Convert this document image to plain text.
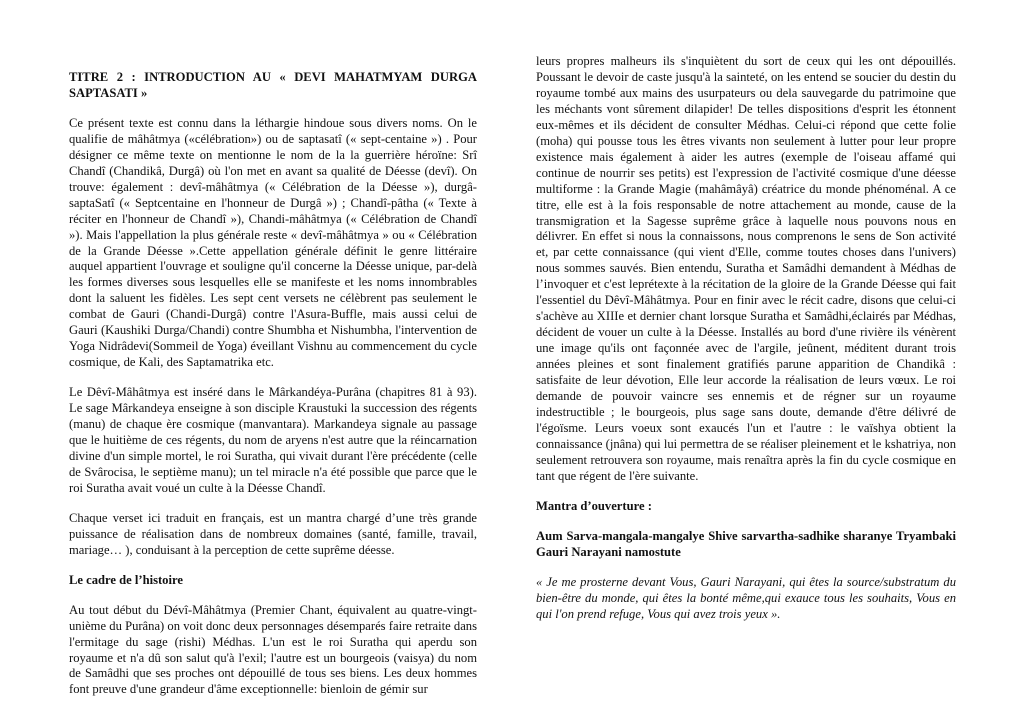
TITRE 2 : INTRODUCTION AU « DEVI MAHATMYAM DURGA SAPTASATI »

Ce présent texte est connu dans la léthargie hindoue sous divers noms. On le qualifie de mâhâtmya («célébration») ou de saptasatî (« sept-centaine ») . Pour désigner ce même texte on mentionne le nom de la la guerrière héroïne: Srî Chandî (Chandikâ, Durgâ) où l'on met en avant sa qualité de Déesse (devî). On trouve: également : devî-mâhâtmya (« Célébration de la Déesse »), durgâ-saptaSatî (« Septcentaine en l'honneur de Durgâ ») ; Chandî-pâtha (« Texte à réciter en l'honneur de Chandî »), Chandi-mâhâtmya (« Célébration de Chandî »). Mais l'appellation la plus générale reste « devî-mâhâtmya » ou « Célébration de la Grande Déesse ».Cette appellation générale définit le genre littéraire auquel appartient l'ouvrage et souligne qu'il concerne la Déesse unique, par-delà les formes diverses sous lesquelles elle se manifeste et les noms innombrables dont la saluent les fidèles. Les sept cent versets ne célèbrent pas seulement le combat de Gauri (Chandi-Durgâ) contre l'Asura-Buffle, mais aussi celui de Gauri (Kaushiki Durga/Chandi) contre Shumbha et Nishumbha, l'intervention de Yoga Nidrâdevi(Sommeil de Yoga) éveillant Vishnu au commencement du cycle cosmique, de Kali, des Saptamatrika etc.

Le Dêvî-Mâhâtmya est inséré dans le Mârkandéya-Purâna (chapitres 81 à 93). Le sage Mârkandeya enseigne à son disciple Kraustuki la succession des régents (manu) de chaque ère cosmique (manvantara). Markandeya signale au passage que le huitième de ces régents, du nom de aryens n'est autre que la réincarnation divine d'un simple mortel, le roi Suratha, qui vivait durant l'ère précédente (celle de Svârocisa, le septième manu); un tel miracle n'a été possible que parce que le roi Suratha avait voué un culte à la Déesse Chandî.

Chaque verset ici traduit en français, est un mantra chargé d’une très grande puissance de réalisation dans de nombreux domaines (santé, famille, travail, mariage… ), conduisant à la perception de cette suprême déesse.

Le cadre de l’histoire

Au tout début du Dévî-Mâhâtmya (Premier Chant, équivalent au quatre-vingt-unième du Purâna) on voit donc deux personnages désemparés faire retraite dans l'ermitage du sage (rishi) Médhas. L'un est le roi Suratha qui aperdu son royaume et n'a dû son salut qu'à l'exil; l'autre est un bourgeois (vaisya) du nom de Samâdhi que ses proches ont dépouillé de tous ses biens. Les deux hommes font preuve d'une grandeur d'âme exceptionnelle: bienloin de gémir sur

leurs propres malheurs ils s'inquiètent du sort de ceux qui les ont dépouillés. Poussant le devoir de caste jusqu'à la sainteté, on les entend se soucier du destin du royaume tombé aux mains des usurpateurs ou dela sauvegarde du patrimoine que les méchants vont sûrement dilapider! De telles dispositions d'esprit les étonnent eux-mêmes et ils décident de consulter Médhas. Celui-ci répond que cette folie (moha) qui pousse tous les êtres vivants non seulement à lutter pour leur propre existence mais également à aider les autres (exemple de l'oiseau affamé qui continue de nourrir ses petits) est l'expression de l'activité cosmique d'une déesse multiforme : la Grande Magie (mahâmâyâ) créatrice du monde phénoménal. A ce titre, elle est à la fois responsable de notre attachement au monde, cause de la transmigration et la Sagesse suprême grâce à laquelle nous pouvons nous en délivrer. En effet si nous la connaissons, nous comprenons le sens de Son activité et, par cette connaissance (qui vient d'Elle, comme toutes choses dans l'univers) nous sommes sauvés. Bien entendu, Suratha et Samâdhi demandent à Médhas de l’invoquer et c'est leprétexte à la récitation de la gloire de la Grande Déesse qui fait l'essentiel du Dêvî-Mâhâtmya. Pour en finir avec le récit cadre, disons que celui-ci s'achève au XIIIe et dernier chant lorsque Suratha et Samâdhi,éclairés par Médhas, décident de vouer un culte à la Déesse. Installés au bord d'une rivière ils vénèrent une image qu'ils ont façonnée avec de l'argile, jeûnent, méditent durant trois années pleines et sont finalement gratifiés parune apparition de Chandikâ : satisfaite de leur dévotion, Elle leur accorde la réalisation de leurs vœux. Le roi demande de pouvoir vaincre ses ennemis et de régner sur un royaume indestructible ; le bourgeois, plus sage sans doute, demande d'être délivré de l'égoïsme. Leurs voeux sont exaucés l'un et l'autre : le vaïshya obtient la connaissance (jnâna) qui lui permettra de se réaliser pleinement et le kshatriya, non seulement retrouvera son royaume, mais renaîtra après la fin du cycle cosmique en tant que régent de l'ère suivante.

Mantra d’ouverture :
Aum Sarva-mangala-mangalye Shive sarvartha-sadhike sharanye Tryambaki Gauri Narayani namostute

« Je me prosterne devant Vous, Gauri Narayani, qui êtes la source/substratum du bien-être du monde, qui êtes la bonté même,qui exauce tous les souhaits, Vous en qui l'on prend refuge, Vous qui avez trois yeux ».
